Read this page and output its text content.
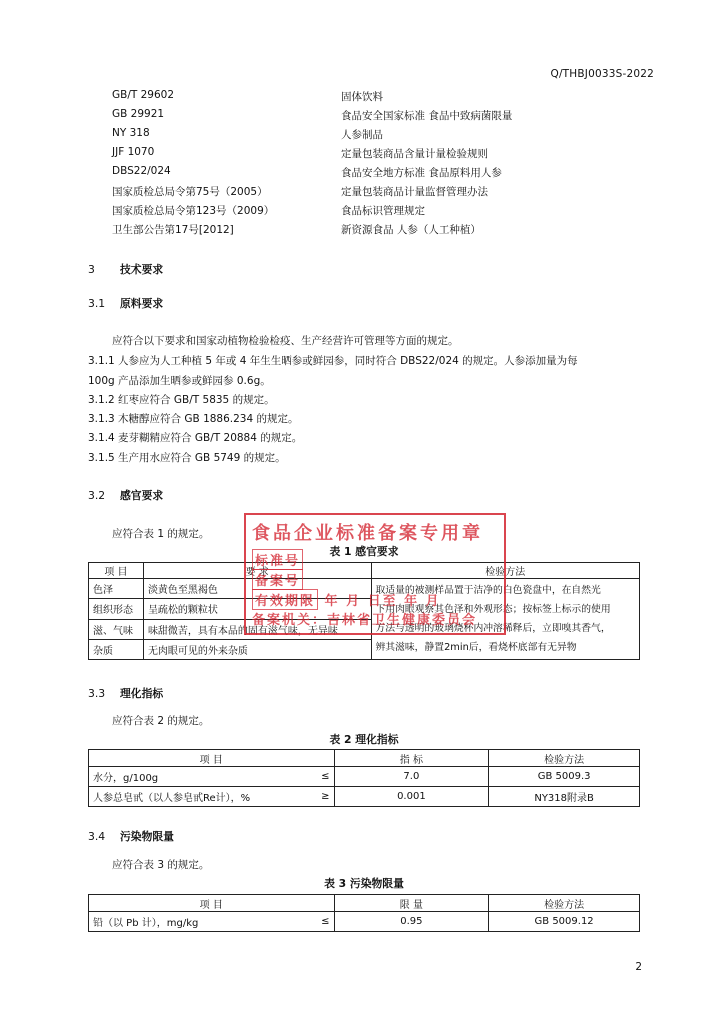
Q/THBJ0033S-2022
GB/T 29602	固体饮料
GB 29921	食品安全国家标准 食品中致病菌限量
NY 318	人参制品
JJF 1070	定量包装商品含量计量检验规则
DBS22/024	食品安全地方标准 食品原料用人参
国家质检总局令第75号（2005）	定量包装商品计量监督管理办法
国家质检总局令第123号（2009）	食品标识管理规定
卫生部公告第17号[2012]	新资源食品 人参（人工种植）
3 技术要求
3.1 原料要求
应符合以下要求和国家动植物检验检疫、生产经营许可管理等方面的规定。
3.1.1 人参应为人工种植 5 年或 4 年生生晒参或鲜园参，同时符合 DBS22/024 的规定。人参添加量为每
100g 产品添加生晒参或鲜园参 0.6g。
3.1.2 红枣应符合 GB/T 5835 的规定。
3.1.3 木糖醇应符合 GB 1886.234 的规定。
3.1.4 麦芽糊精应符合 GB/T 20884 的规定。
3.1.5 生产用水应符合 GB 5749 的规定。
3.2 感官要求
应符合表 1 的规定。
表 1 感官要求
项 目	要 求	检验方法
色泽	淡黄色至黑褐色	取适量的被测样品置于洁净的白色瓷盘中，在自然光
下用肉眼观察其色泽和外观形态；按标签上标示的使用
方法与透明的玻璃烧杯内冲溶稀释后，立即嗅其香气，
辨其滋味，静置2min后，看烧杯底部有无异物

组织形态	呈疏松的颗粒状	
滋、气味	味甜微苦，具有本品的固有滋气味，无异味	
杂质	无肉眼可见的外来杂质	
3.3 理化指标
应符合表 2 的规定。
表 2 理化指标
项 目		指 标	检验方法
水分，g/100g	≤	7.0	GB 5009.3
人参总皂甙（以人参皂甙Re计），%	≥	0.001	NY318附录B
3.4 污染物限量
应符合表 3 的规定。
表 3 污染物限量
项 目		限 量	检验方法
铅（以 Pb 计），mg/kg	≤	0.95	GB 5009.12
食品企业标准备案专用章
标准号
备案号
有效期限 年 月 日至 年 月
备案机关：吉林省卫生健康委员会
2
